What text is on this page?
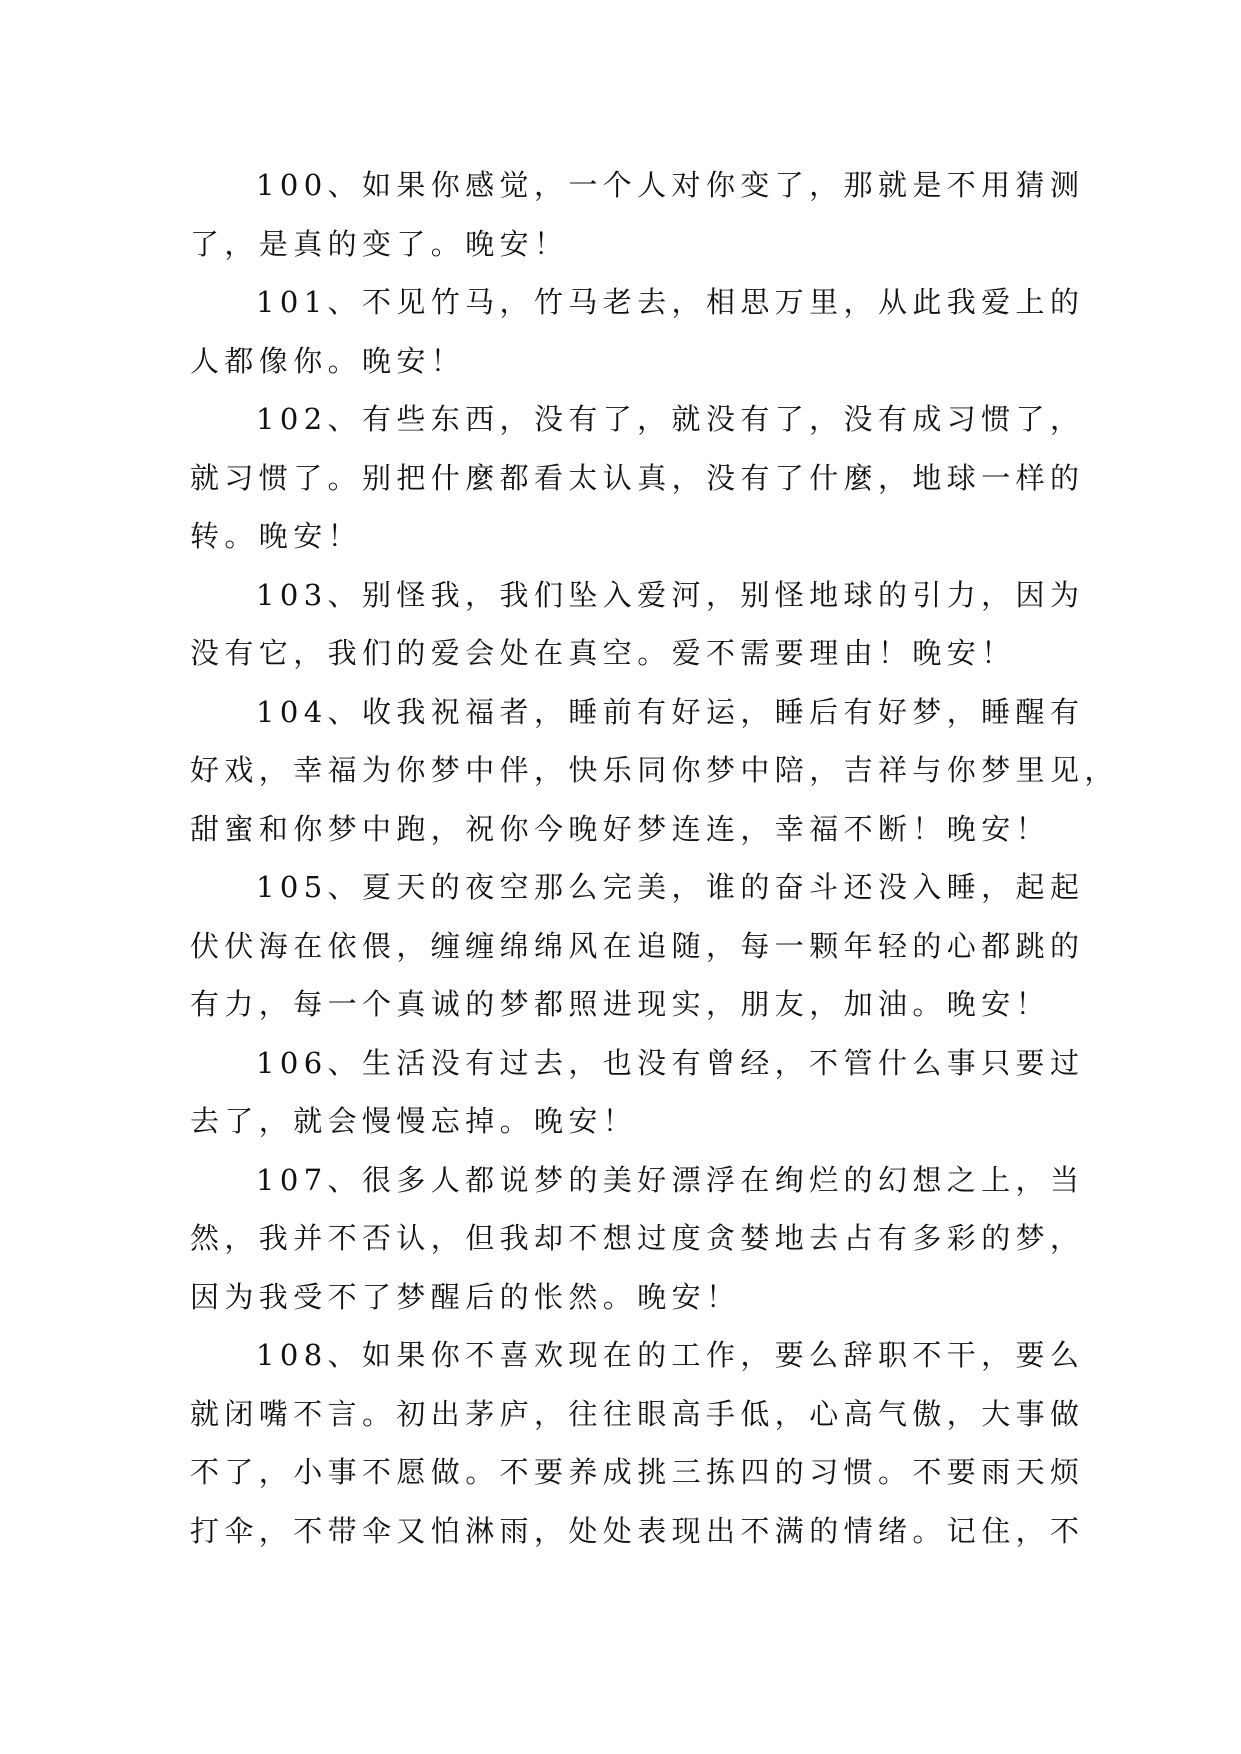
100、如果你感觉，一个人对你变了，那就是不用猜测
了，是真的变了。晚安！

101、不见竹马，竹马老去，相思万里，从此我爱上的
人都像你。晚安！

102、有些东西，没有了，就没有了，没有成习惯了，
就习惯了。别把什麼都看太认真，没有了什麼，地球一样的
转。晚安！

103、别怪我，我们坠入爱河，别怪地球的引力，因为
没有它，我们的爱会处在真空。爱不需要理由！晚安！

104、收我祝福者，睡前有好运，睡后有好梦，睡醒有
好戏，幸福为你梦中伴，快乐同你梦中陪，吉祥与你梦里见，
甜蜜和你梦中跑，祝你今晚好梦连连，幸福不断！晚安！

105、夏天的夜空那么完美，谁的奋斗还没入睡，起起
伏伏海在依偎，缠缠绵绵风在追随，每一颗年轻的心都跳的
有力，每一个真诚的梦都照进现实，朋友，加油。晚安！

106、生活没有过去，也没有曾经，不管什么事只要过
去了，就会慢慢忘掉。晚安！

107、很多人都说梦的美好漂浮在绚烂的幻想之上，当
然，我并不否认，但我却不想过度贪婪地去占有多彩的梦，
因为我受不了梦醒后的怅然。晚安！

108、如果你不喜欢现在的工作，要么辞职不干，要么
就闭嘴不言。初出茅庐，往往眼高手低，心高气傲，大事做
不了，小事不愿做。不要养成挑三拣四的习惯。不要雨天烦
打伞，不带伞又怕淋雨，处处表现出不满的情绪。记住，不
